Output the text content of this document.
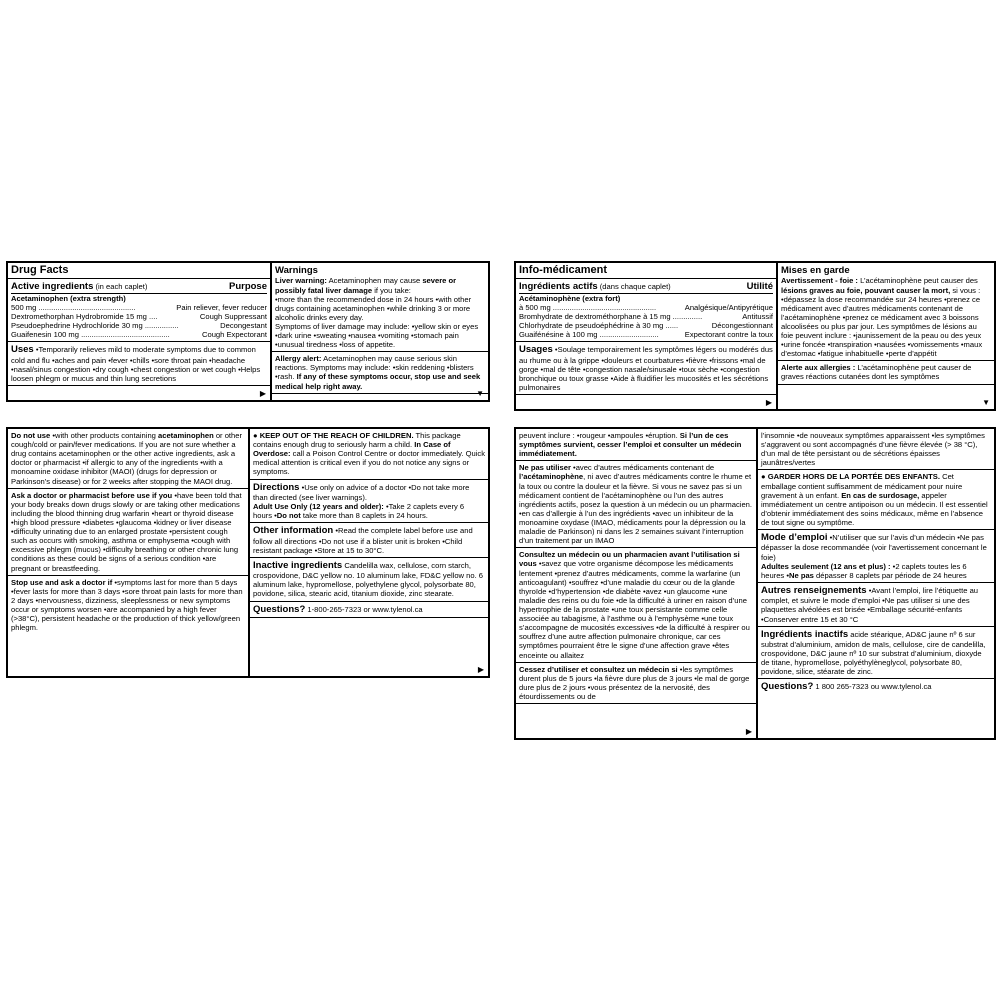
Drug Facts
Active ingredients (in each caplet)	Purpose
Acetaminophen (extra strength)
500 mg ..............................................	Pain reliever, fever reducer
Dextromethorphan Hydrobromide 15 mg ....	Cough Suppressant
Pseudoephedrine Hydrochloride 30 mg ................	Decongestant
Guaifenesin 100 mg ..........................................	Cough Expectorant

Uses •Temporarily relieves mild to moderate symptoms due to common cold and flu •aches and pain •fever •chills •sore throat pain •headache •nasal/sinus congestion •dry cough •chest congestion or wet cough •Helps loosen phlegm or mucus and thin lung secretions

▶
Warnings

Liver warning: Acetaminophen may cause severe or possibly fatal liver damage if you take:

•more than the recommended dose in 24 hours •with other drugs containing acetaminophen •while drinking 3 or more alcoholic drinks every day.

Symptoms of liver damage may include: •yellow skin or eyes •dark urine •sweating •nausea •vomiting •stomach pain •unusual tiredness •loss of appetite.

Allergy alert: Acetaminophen may cause serious skin reactions. Symptoms may include: •skin reddening •blisters •rash. If any of these symptoms occur, stop use and seek medical help right away.

▼
Info-médicament
Ingrédients actifs (dans chaque caplet)	Utilité
Acétaminophène (extra fort)
à 500 mg .................................................	Analgésique/Antipyrétique
Bromhydrate de dextrométhorphane à 15 mg ..............	Antitussif
Chlorhydrate de pseudoéphédrine à 30 mg ......	Décongestionnant
Guaifénésine à 100 mg ............................	Expectorant contre la toux

Usages •Soulage temporairement les symptômes légers ou modérés dus au rhume ou à la grippe •douleurs et courbatures •fièvre •frissons •mal de gorge •mal de tête •congestion nasale/sinusale •toux sèche •congestion bronchique ou toux grasse •Aide à fluidifier les mucosités et les sécrétions pulmonaires

▶
Mises en garde

Avertissement - foie : L’acétaminophène peut causer des lésions graves au foie, pouvant causer la mort, si vous : •dépassez la dose recommandée sur 24 heures •prenez ce médicament avec d’autres médicaments contenant de l’acétaminophène •prenez ce médicament avec 3 boissons alcoolisées ou plus par jour. Les symptômes de lésions au foie peuvent inclure : •jaunissement de la peau ou des yeux •urine foncée •transpiration •nausées •vomissements •maux d’estomac •fatigue inhabituelle •perte d’appétit

Alerte aux allergies : L’acétaminophène peut causer de graves réactions cutanées dont les symptômes

▼

Do not use •with other products containing acetaminophen or other cough/cold or pain/fever medications. If you are not sure whether a drug contains acetaminophen or the other active ingredients, ask a doctor or pharmacist •if allergic to any of the ingredients •with a monoamine oxidase inhibitor (MAOI) (drugs for depression or Parkinson's disease) or for 2 weeks after stopping the MAOI drug.

Ask a doctor or pharmacist before use if you •have been told that your body breaks down drugs slowly or are taking other medications including the blood thinning drug warfarin •heart or thyroid disease •high blood pressure •diabetes •glaucoma •kidney or liver disease •difficulty urinating due to an enlarged prostate •persistent cough such as occurs with smoking, asthma or emphysema •cough with excessive phlegm (mucus) •difficulty breathing or other chronic lung conditions as these could be signs of a serious condition •are pregnant or breastfeeding.

Stop use and ask a doctor if •symptoms last for more than 5 days •fever lasts for more than 3 days •sore throat pain lasts for more than 2 days •nervousness, dizziness, sleeplessness or new symptoms occur or symptoms worsen •are accompanied by a high fever (>38°C), persistent headache or the production of thick yellow/green phlegm.

● KEEP OUT OF THE REACH OF CHILDREN. This package contains enough drug to seriously harm a child. In Case of Overdose: call a Poison Control Centre or doctor immediately. Quick medical attention is critical even if you do not notice any signs or symptoms.

Directions •Use only on advice of a doctor •Do not take more than directed (see liver warnings).

Adult Use Only (12 years and older): •Take 2 caplets every 6 hours •Do not take more than 8 caplets in 24 hours.

Other information •Read the complete label before use and follow all directions •Do not use if a blister unit is broken •Child resistant package •Store at 15 to 30°C.

Inactive ingredients Candelilla wax, cellulose, corn starch, crospovidone, D&C yellow no. 10 aluminum lake, FD&C yellow no. 6 aluminum lake, hypromellose, polyethylene glycol, polysorbate 80, povidone, silica, stearic acid, titanium dioxide, zinc stearate.

Questions? 1-800-265-7323 or www.tylenol.ca

▶

peuvent inclure : •rougeur •ampoules •éruption. Si l’un de ces symptômes survient, cesser l’emploi et consulter un médecin immédiatement.

Ne pas utiliser •avec d’autres médicaments contenant de l’acétaminophène, ni avec d’autres médicaments contre le rhume et la toux ou contre la douleur et la fièvre. Si vous ne savez pas si un médicament contient de l’acétaminophène ou l’un des autres ingrédients actifs, posez la question à un médecin ou un pharmacien. •en cas d’allergie à l’un des ingrédients •avec un inhibiteur de la monoamine oxydase (IMAO, médicaments pour la dépression ou la maladie de Parkinson) ni dans les 2 semaines suivant l’interruption d’un traitement par un IMAO

Consultez un médecin ou un pharmacien avant l’utilisation si vous •savez que votre organisme décompose les médicaments lentement •prenez d’autres médicaments, comme la warfarine (un anticoagulant) •souffrez •d’une maladie du cœur ou de la glande thyroïde •d’hypertension •de diabète •avez •un glaucome •une maladie des reins ou du foie •de la difficulté à uriner en raison d’une hypertrophie de la prostate •une toux persistante comme celle associée au tabagisme, à l’asthme ou à l’emphysème •une toux s’accompagne de mucosités excessives •de la difficulté à respirer ou souffrez d’une autre affection pulmonaire chronique, car ces symptômes pourraient être le signe d’une affection grave •êtes enceinte ou allaitez

Cessez d’utiliser et consultez un médecin si •les symptômes durent plus de 5 jours •la fièvre dure plus de 3 jours •le mal de gorge dure plus de 2 jours •vous présentez de la nervosité, des étourdissements ou de

▶

l’insomnie •de nouveaux symptômes apparaissent •les symptômes s’aggravent ou sont accompagnés d’une fièvre élevée (> 38 °C), d’un mal de tête persistant ou de sécrétions épaisses jaunâtres/vertes

● GARDER HORS DE LA PORTÉE DES ENFANTS. Cet emballage contient suffisamment de médicament pour nuire gravement à un enfant. En cas de surdosage, appeler immédiatement un centre antipoison ou un médecin. Il est essentiel d’obtenir immédiatement des soins médicaux, même en l’absence de tout signe ou symptôme.

Mode d’emploi •N’utiliser que sur l’avis d’un médecin •Ne pas dépasser la dose recommandée (voir l’avertissement concernant le foie)

Adultes seulement (12 ans et plus) : •2 caplets toutes les 6 heures •Ne pas dépasser 8 caplets par période de 24 heures

Autres renseignements •Avant l’emploi, lire l’étiquette au complet, et suivre le mode d’emploi •Ne pas utiliser si une des plaquettes alvéolées est brisée •Emballage sécurité-enfants •Conserver entre 15 et 30 °C

Ingrédients inactifs acide stéarique, AD&C jaune nº 6 sur substrat d’aluminium, amidon de maïs, cellulose, cire de candelilla, crospovidone, D&C jaune nº 10 sur substrat d’aluminium, dioxyde de titane, hypromellose, polyéthylèneglycol, polysorbate 80, povidone, silice, stéarate de zinc.

Questions? 1 800 265-7323 ou www.tylenol.ca
